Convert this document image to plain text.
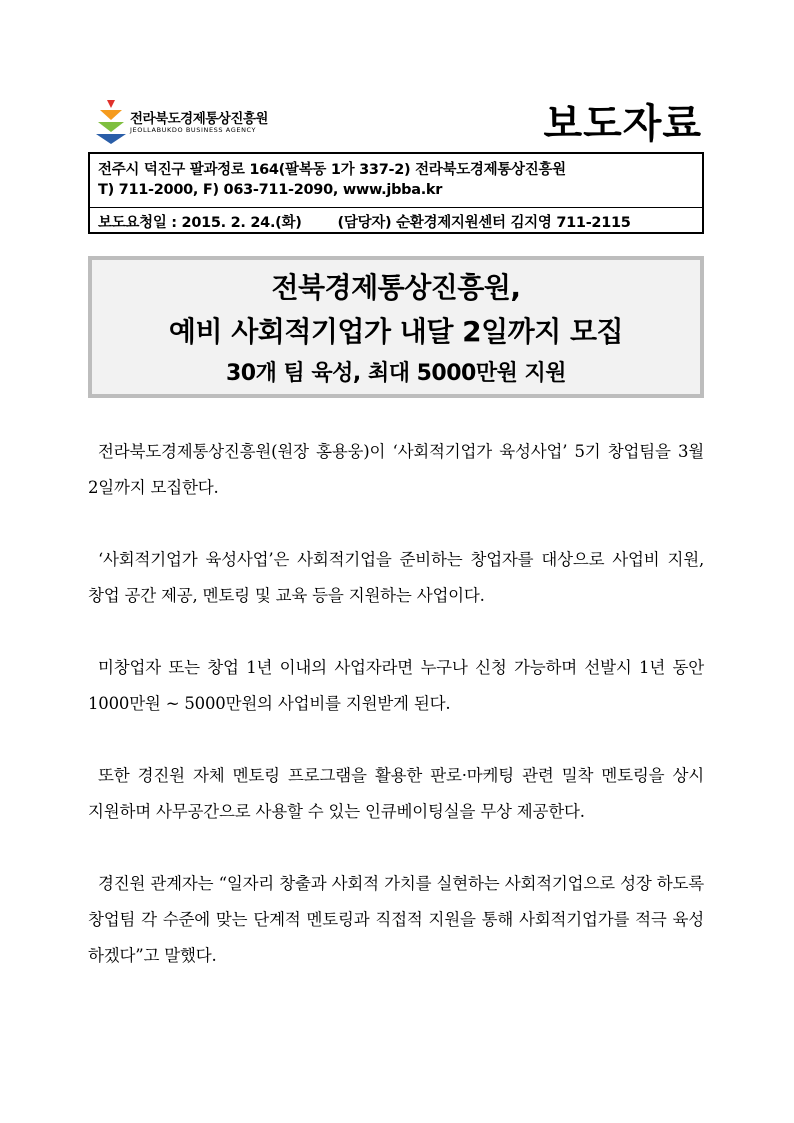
전라북도경제통상진흥원
JEOLLABUKDO BUSINESS AGENCY	보도자료
전주시 덕진구 팔과정로 164(팔복동 1가 337-2) 전라북도경제통상진흥원
T) 711-2000, F) 063-711-2090, www.jbba.kr
보도요청일 : 2015. 2. 24.(화) (담당자) 순환경제지원센터 김지영 711-2115
전북경제통상진흥원,
예비 사회적기업가 내달 2일까지 모집
30개 팀 육성, 최대 5000만원 지원

전라북도경제통상진흥원(원장 홍용웅)이 ‘사회적기업가 육성사업’ 5기 창업팀을 3월 2일까지 모집한다.

‘사회적기업가 육성사업’은 사회적기업을 준비하는 창업자를 대상으로 사업비 지원, 창업 공간 제공, 멘토링 및 교육 등을 지원하는 사업이다.

미창업자 또는 창업 1년 이내의 사업자라면 누구나 신청 가능하며 선발시 1년 동안 1000만원 ~ 5000만원의 사업비를 지원받게 된다.

또한 경진원 자체 멘토링 프로그램을 활용한 판로·마케팅 관련 밀착 멘토링을 상시 지원하며 사무공간으로 사용할 수 있는 인큐베이팅실을 무상 제공한다.

경진원 관계자는 “일자리 창출과 사회적 가치를 실현하는 사회적기업으로 성장 하도록 창업팀 각 수준에 맞는 단계적 멘토링과 직접적 지원을 통해 사회적기업가를 적극 육성 하겠다”고 말했다.
